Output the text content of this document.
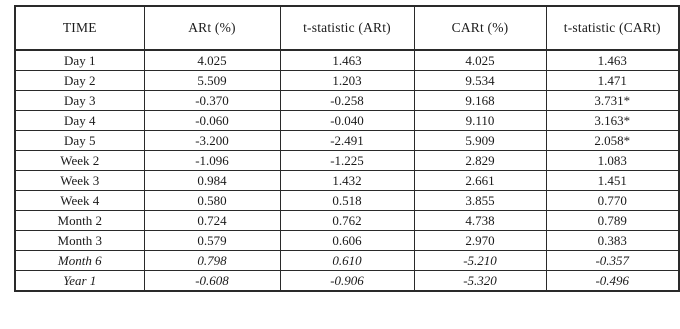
TIME	ARt (%)	t-statistic (ARt)	CARt (%)	t-statistic (CARt)
Day 1	4.025	1.463	4.025	1.463
Day 2	5.509	1.203	9.534	1.471
Day 3	-0.370	-0.258	9.168	3.731*
Day 4	-0.060	-0.040	9.110	3.163*
Day 5	-3.200	-2.491	5.909	2.058*
Week 2	-1.096	-1.225	2.829	1.083
Week 3	0.984	1.432	2.661	1.451
Week 4	0.580	0.518	3.855	0.770
Month 2	0.724	0.762	4.738	0.789
Month 3	0.579	0.606	2.970	0.383
Month 6	0.798	0.610	-5.210	-0.357
Year 1	-0.608	-0.906	-5.320	-0.496
